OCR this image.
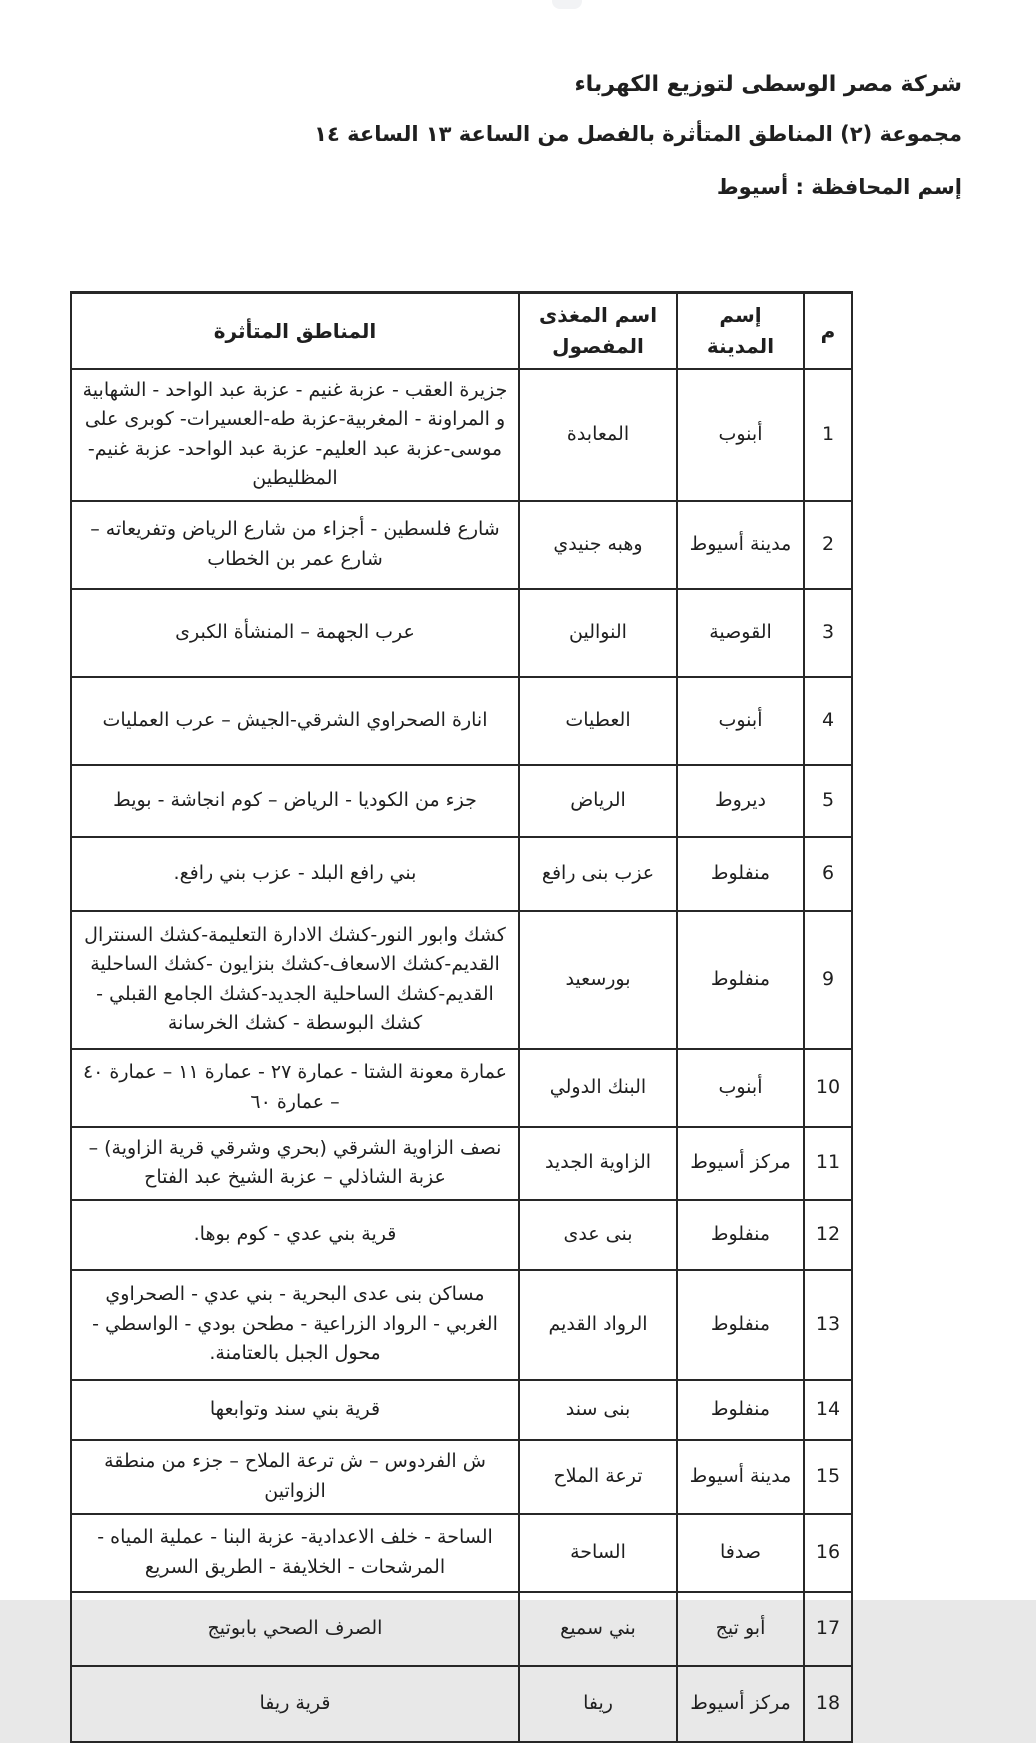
شركة مصر الوسطى لتوزيع الكهرباء
مجموعة (٢) المناطق المتأثرة بالفصل من الساعة ١٣ الساعة ١٤
إسم المحافظة : أسيوط
م	إسم المدينة	اسم المغذى المفصول	المناطق المتأثرة
1	أبنوب	المعابدة	جزيرة العقب - عزبة غنيم - عزبة عبد الواحد - الشهابية و المراونة - المغربية-عزبة طه-العسيرات- كوبرى على موسى-عزبة عبد العليم- عزبة عبد الواحد- عزبة غنيم-المظليطين
2	مدينة أسيوط	وهبه جنيدي	شارع فلسطين - أجزاء من شارع الرياض وتفريعاته – شارع عمر بن الخطاب
3	القوصية	النوالين	عرب الجهمة – المنشأة الكبرى
4	أبنوب	العطيات	انارة الصحراوي الشرقي-الجيش – عرب العمليات
5	ديروط	الرياض	جزء من الكوديا - الرياض – كوم انجاشة - بويط
6	منفلوط	عزب بنى رافع	بني رافع البلد - عزب بني رافع.
9	منفلوط	بورسعيد	كشك وابور النور-كشك الادارة التعليمة-كشك السنترال القديم-كشك الاسعاف-كشك بنزايون -كشك الساحلية القديم-كشك الساحلية الجديد-كشك الجامع القبلي - كشك البوسطة - كشك الخرسانة
10	أبنوب	البنك الدولي	عمارة معونة الشتا - عمارة ٢٧ - عمارة ١١ – عمارة ٤٠ – عمارة ٦٠
11	مركز أسيوط	الزاوية الجديد	نصف الزاوية الشرقي (بحري وشرقي قرية الزاوية) – عزبة الشاذلي – عزبة الشيخ عبد الفتاح
12	منفلوط	بنى عدى	قرية بني عدي - كوم بوها.
13	منفلوط	الرواد القديم	مساكن بنى عدى البحرية - بني عدي - الصحراوي الغربي - الرواد الزراعية - مطحن بودي - الواسطي - محول الجبل بالعتامنة.
14	منفلوط	بنى سند	قرية بني سند وتوابعها
15	مدينة أسيوط	ترعة الملاح	ش الفردوس – ش ترعة الملاح – جزء من منطقة الزواتين
16	صدفا	الساحة	الساحة - خلف الاعدادية- عزبة البنا - عملية المياه - المرشحات - الخلايفة - الطريق السريع
17	أبو تيج	بني سميع	الصرف الصحي بابوتيج
18	مركز أسيوط	ريفا	قرية ريفا
